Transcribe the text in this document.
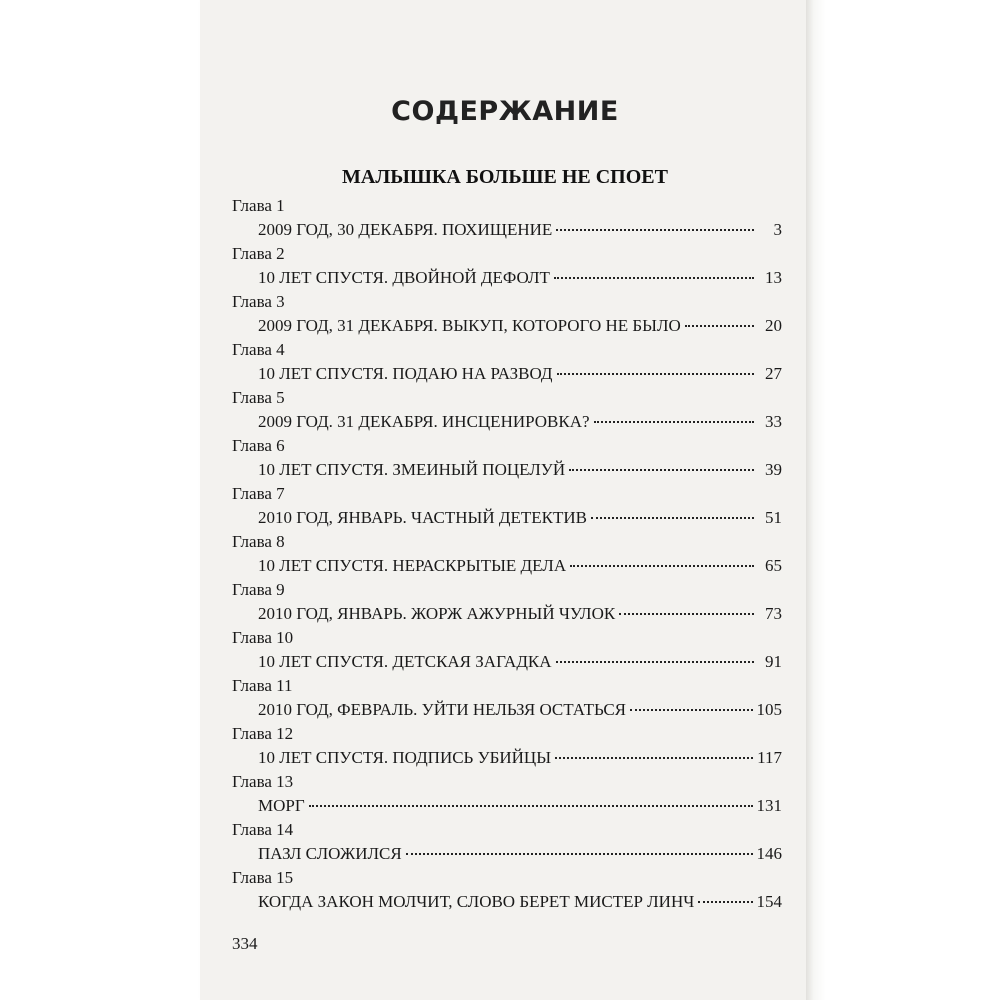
СОДЕРЖАНИЕ
МАЛЫШКА БОЛЬШЕ НЕ СПОЕТ
Глава 1
2009 ГОД, 30 ДЕКАБРЯ. ПОХИЩЕНИЕ	3
Глава 2
10 ЛЕТ СПУСТЯ. ДВОЙНОЙ ДЕФОЛТ	13
Глава 3
2009 ГОД, 31 ДЕКАБРЯ. ВЫКУП, КОТОРОГО НЕ БЫЛО	20
Глава 4
10 ЛЕТ СПУСТЯ. ПОДАЮ НА РАЗВОД	27
Глава 5
2009 ГОД. 31 ДЕКАБРЯ. ИНСЦЕНИРОВКА?	33
Глава 6
10 ЛЕТ СПУСТЯ. ЗМЕИНЫЙ ПОЦЕЛУЙ	39
Глава 7
2010 ГОД, ЯНВАРЬ. ЧАСТНЫЙ ДЕТЕКТИВ	51
Глава 8
10 ЛЕТ СПУСТЯ. НЕРАСКРЫТЫЕ ДЕЛА	65
Глава 9
2010 ГОД, ЯНВАРЬ. ЖОРЖ АЖУРНЫЙ ЧУЛОК	73
Глава 10
10 ЛЕТ СПУСТЯ. ДЕТСКАЯ ЗАГАДКА	91
Глава 11
2010 ГОД, ФЕВРАЛЬ. УЙТИ НЕЛЬЗЯ ОСТАТЬСЯ	105
Глава 12
10 ЛЕТ СПУСТЯ. ПОДПИСЬ УБИЙЦЫ	117
Глава 13
МОРГ	131
Глава 14
ПАЗЛ СЛОЖИЛСЯ	146
Глава 15
КОГДА ЗАКОН МОЛЧИТ, СЛОВО БЕРЕТ МИСТЕР ЛИНЧ	154
334
